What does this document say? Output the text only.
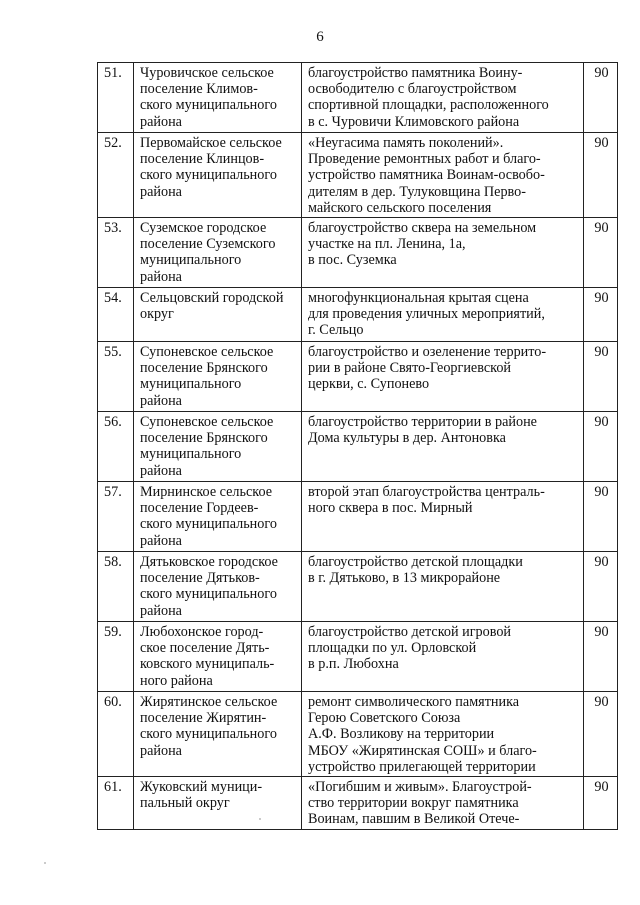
6
51.	Чуровичское сельское
поселение Климов-
ского муниципального
района	благоустройство памятника Воину-
освободителю с благоустройством
спортивной площадки, расположенного
в с. Чуровичи Климовского района	90
52.	Первомайское сельское
поселение Клинцов-
ского муниципального
района	«Неугасима память поколений».
Проведение ремонтных работ и благо-
устройство памятника Воинам-освобо-
дителям в дер. Тулуковщина Перво-
майского сельского поселения	90
53.	Суземское городское
поселение Суземского
муниципального
района	благоустройство сквера на земельном
участке на пл. Ленина, 1а,
в пос. Суземка	90
54.	Сельцовский городской
округ	многофункциональная крытая сцена
для проведения уличных мероприятий,
г. Сельцо	90
55.	Супоневское сельское
поселение Брянского
муниципального
района	благоустройство и озеленение террито-
рии в районе Свято-Георгиевской
церкви, с. Супонево	90
56.	Супоневское сельское
поселение Брянского
муниципального
района	благоустройство территории в районе
Дома культуры в дер. Антоновка	90
57.	Мирнинское сельское
поселение Гордеев-
ского муниципального
района	второй этап благоустройства централь-
ного сквера в пос. Мирный	90
58.	Дятьковское городское
поселение Дятьков-
ского муниципального
района	благоустройство детской площадки
в г. Дятьково, в 13 микрорайоне	90
59.	Любохонское город-
ское поселение Дять-
ковского муниципаль-
ного района	благоустройство детской игровой
площадки по ул. Орловской
в р.п. Любохна	90
60.	Жирятинское сельское
поселение Жирятин-
ского муниципального
района	ремонт символического памятника
Герою Советского Союза
А.Ф. Возликову на территории
МБОУ «Жирятинская СОШ» и благо-
устройство прилегающей территории	90
61.	Жуковский муници-
пальный округ	«Погибшим и живым». Благоустрой-
ство территории вокруг памятника
Воинам, павшим в Великой Отече-	90
